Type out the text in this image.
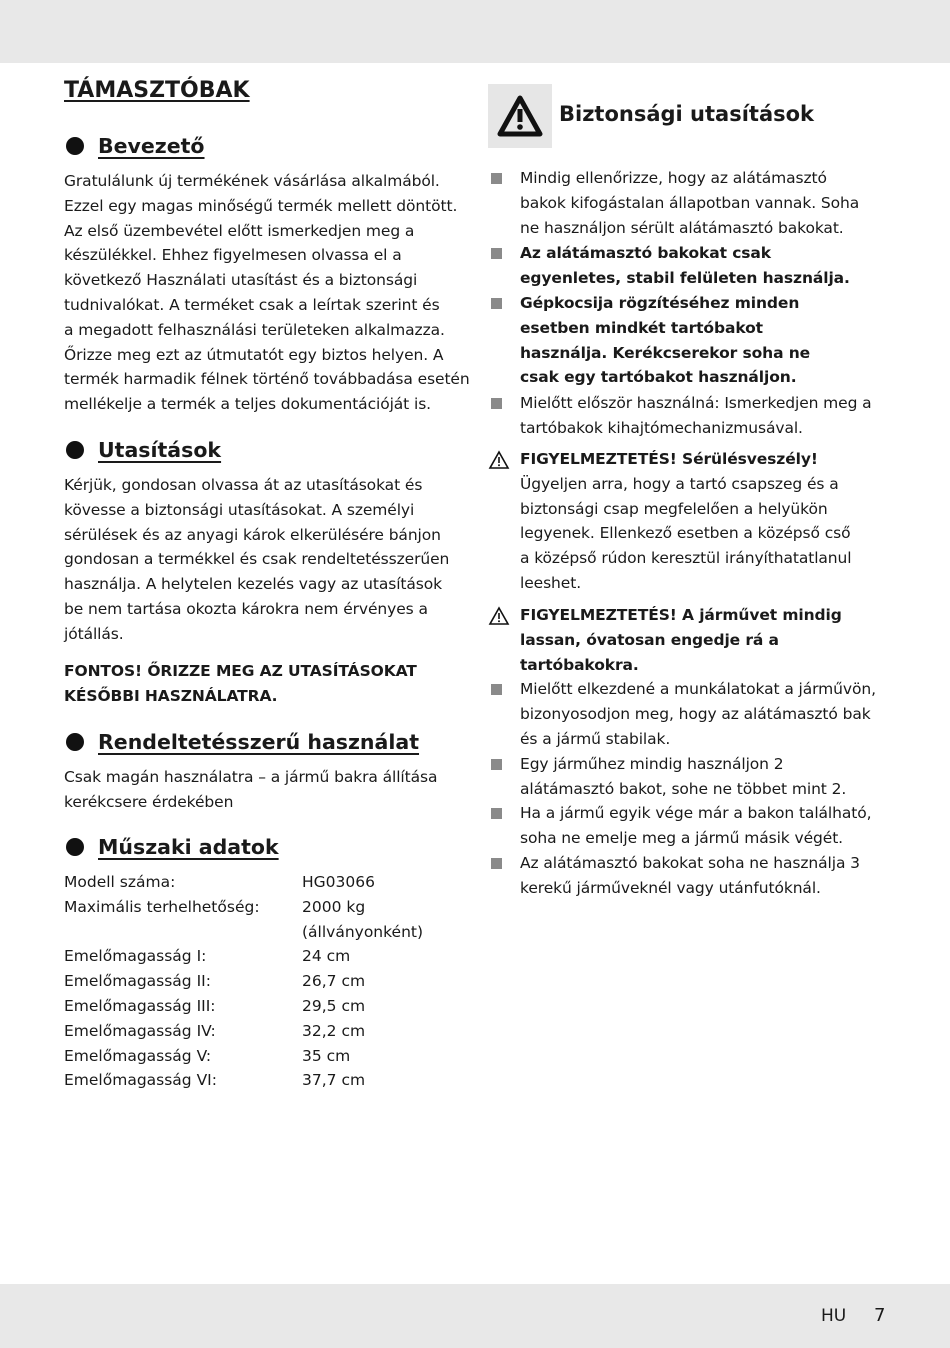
TÁMASZTÓBAK
Bevezető
Gratulálunk új termékének vásárlása alkalmából.
Ezzel egy magas minőségű termék mellett döntött.
Az első üzembevétel előtt ismerkedjen meg a
készülékkel. Ehhez figyelmesen olvassa el a
következő Használati utasítást és a biztonsági
tudnivalókat. A terméket csak a leírtak szerint és
a megadott felhasználási területeken alkalmazza.
Őrizze meg ezt az útmutatót egy biztos helyen. A
termék harmadik félnek történő továbbadása esetén
mellékelje a termék a teljes dokumentációját is.
Utasítások
Kérjük, gondosan olvassa át az utasításokat és
kövesse a biztonsági utasításokat. A személyi
sérülések és az anyagi károk elkerülésére bánjon
gondosan a termékkel és csak rendeltetésszerűen
használja. A helytelen kezelés vagy az utasítások
be nem tartása okozta károkra nem érvényes a
jótállás.
FONTOS! ŐRIZZE MEG AZ UTASÍTÁSOKAT
KÉSŐBBI HASZNÁLATRA.
Rendeltetésszerű használat
Csak magán használatra – a jármű bakra állítása
kerékcsere érdekében
Műszaki adatok
Modell száma:	HG03066
Maximális terhelhetőség:	2000 kg
(állványonként)
Emelőmagasság I:	24 cm
Emelőmagasság II:	26,7 cm
Emelőmagasság III:	29,5 cm
Emelőmagasság IV:	32,2 cm
Emelőmagasság V:	35 cm
Emelőmagasság VI:	37,7 cm
Biztonsági utasítások
Mindig ellenőrizze, hogy az alátámasztó
bakok kifogástalan állapotban vannak. Soha
ne használjon sérült alátámasztó bakokat.
Az alátámasztó bakokat csak
egyenletes, stabil felületen használja.
Gépkocsija rögzítéséhez minden
esetben mindkét tartóbakot
használja. Kerékcserekor soha ne
csak egy tartóbakot használjon.
Mielőtt először használná: Ismerkedjen meg a
tartóbakok kihajtómechanizmusával.
FIGYELMEZTETÉS! Sérülésveszély!
Ügyeljen arra, hogy a tartó csapszeg és a
biztonsági csap megfelelően a helyükön
legyenek. Ellenkező esetben a középső cső
a középső rúdon keresztül irányíthatatlanul
leeshet.
FIGYELMEZTETÉS! A járművet mindig
lassan, óvatosan engedje rá a
tartóbakokra.
Mielőtt elkezdené a munkálatokat a járművön,
bizonyosodjon meg, hogy az alátámasztó bak
és a jármű stabilak.
Egy járműhez mindig használjon 2
alátámasztó bakot, sohe ne többet mint 2.
Ha a jármű egyik vége már a bakon található,
soha ne emelje meg a jármű másik végét.
Az alátámasztó bakokat soha ne használja 3
kerekű járműveknél vagy utánfutóknál.
HU 7
